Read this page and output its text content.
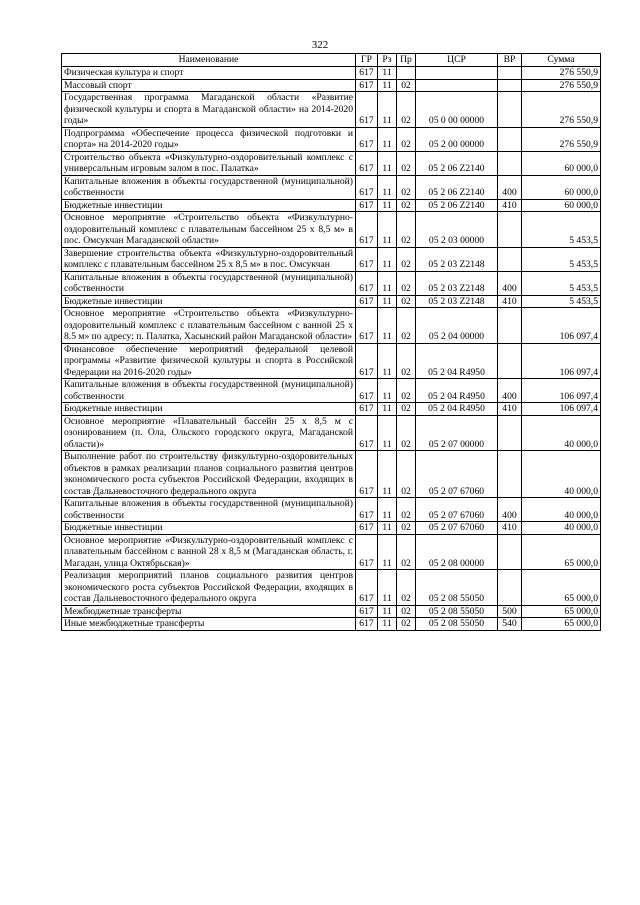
322
Наименование	ГР	Рз	Пр	ЦСР	ВР	Сумма
Физическая культура и спорт	617	11				276 550,9
Массовый спорт	617	11	02			276 550,9
Государственная программа Магаданской области «Развитие физической культуры и спорта в Магаданской области» на 2014-2020 годы»	617	11	02	05 0 00 00000		276 550,9
Подпрограмма «Обеспечение процесса физической подготовки и спорта» на 2014-2020 годы»	617	11	02	05 2 00 00000		276 550,9
Строительство объекта «Физкультурно-оздоровительный комплекс с универсальным игровым залом в пос. Палатка»	617	11	02	05 2 06 Z2140		60 000,0
Капитальные вложения в объекты государственной (муниципальной) собственности	617	11	02	05 2 06 Z2140	400	60 000,0
Бюджетные инвестиции	617	11	02	05 2 06 Z2140	410	60 000,0
Основное мероприятие «Строительство объекта «Физкультурно-оздоровительный комплекс с плавательным бассейном 25 х 8,5 м» в пос. Омсукчан Магаданской области»	617	11	02	05 2 03 00000		5 453,5
Завершение строительства объекта «Физкультурно-оздоровительный комплекс с плавательным бассейном 25 х 8,5 м» в пос. Омсукчан	617	11	02	05 2 03 Z2148		5 453,5
Капитальные вложения в объекты государственной (муниципальной) собственности	617	11	02	05 2 03 Z2148	400	5 453,5
Бюджетные инвестиции	617	11	02	05 2 03 Z2148	410	5 453,5
Основное мероприятие «Строительство объекта «Физкультурно-оздоровительный комплекс с плавательным бассейном с ванной 25 х 8.5 м» по адресу: п. Палатка, Хасынский район Магаданской области»	617	11	02	05 2 04 00000		106 097,4
Финансовое обеспечение мероприятий федеральной целевой программы «Развитие физической культуры и спорта в Российской Федерации на 2016-2020 годы»	617	11	02	05 2 04 R4950		106 097,4
Капитальные вложения в объекты государственной (муниципальной) собственности	617	11	02	05 2 04 R4950	400	106 097,4
Бюджетные инвестиции	617	11	02	05 2 04 R4950	410	106 097,4
Основное мероприятие «Плавательный бассейн 25 х 8,5 м с озонированием (п. Ола, Ольского городского округа, Магаданской области)»	617	11	02	05 2 07 00000		40 000,0
Выполнение работ по строительству физкультурно-оздоровительных объектов в рамках реализации планов социального развития центров экономического роста субъектов Российской Федерации, входящих в состав Дальневосточного федерального округа	617	11	02	05 2 07 67060		40 000,0
Капитальные вложения в объекты государственной (муниципальной) собственности	617	11	02	05 2 07 67060	400	40 000,0
Бюджетные инвестиции	617	11	02	05 2 07 67060	410	40 000,0
Основное мероприятие «Физкультурно-оздоровительный комплекс с плавательным бассейном с ванной 28 х 8,5 м (Магаданская область, г. Магадан, улица Октябрьская)»	617	11	02	05 2 08 00000		65 000,0
Реализация мероприятий планов социального развития центров экономического роста субъектов Российской Федерации, входящих в состав Дальневосточного федерального округа	617	11	02	05 2 08 55050		65 000,0
Межбюджетные трансферты	617	11	02	05 2 08 55050	500	65 000,0
Иные межбюджетные трансферты	617	11	02	05 2 08 55050	540	65 000,0
